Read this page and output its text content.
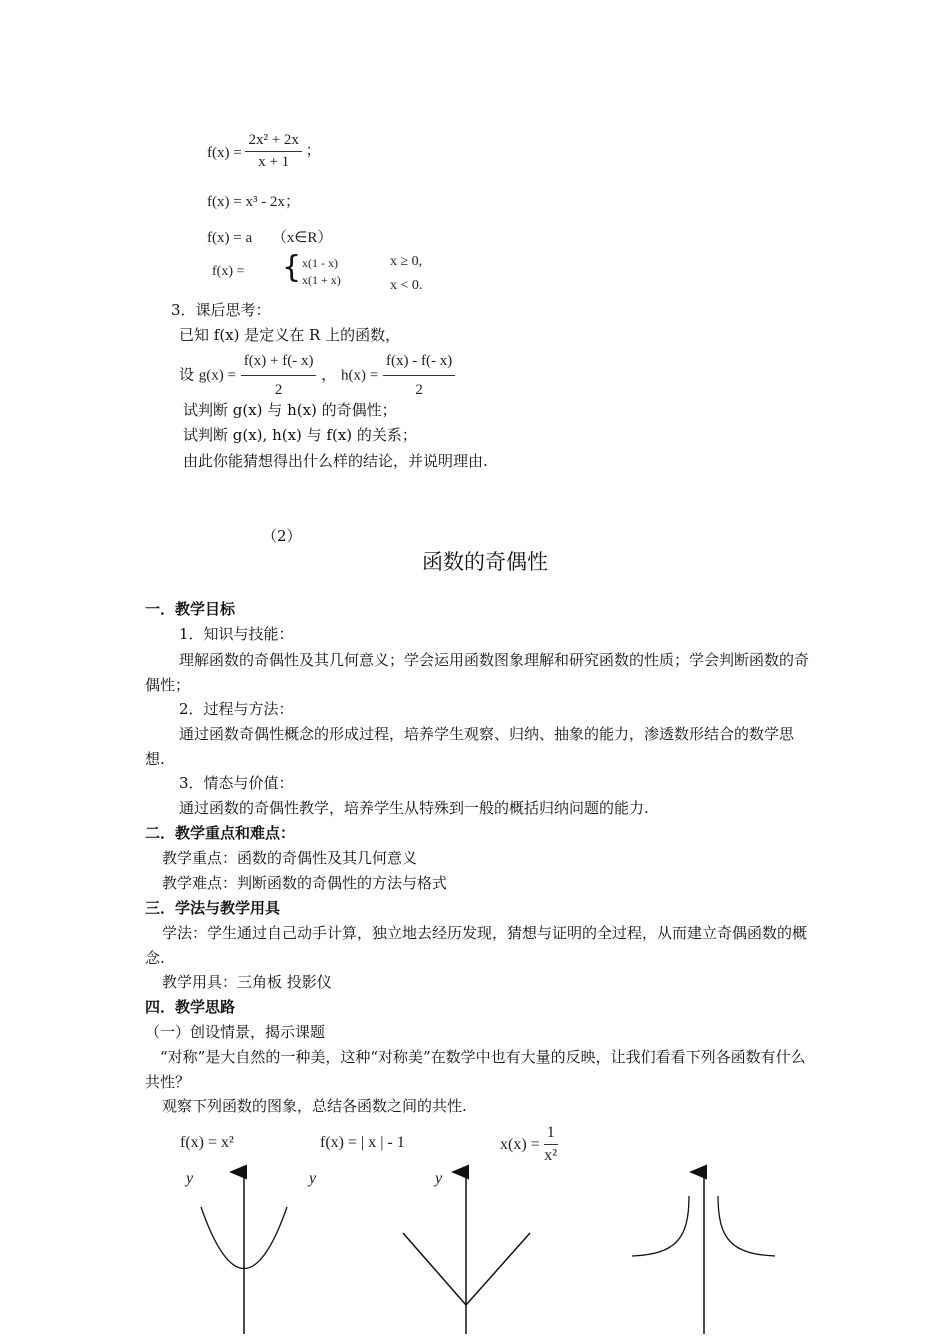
$f(x) = \frac{\text{2x² + 2x}}{x + 1}$ ；
f(x) = x³ - 2x；
f(x) = a （x∈R）
f(x) = { x(1 - x)	x ≥ 0,
x(1 + x)	x < 0.
3．课后思考：
已知 f(x) 是定义在 R 上的函数，
设 $g(x) = \frac{f(x) + f(- x)}{2}$ ， $h(x) = \frac{f(x) - f(- x)}{2}$
试判断 g(x) 与 h(x) 的奇偶性；
试判断 g(x), h(x) 与 f(x) 的关系；
由此你能猜想得出什么样的结论，并说明理由.
（2）
函数的奇偶性
一．教学目标
1．知识与技能：
理解函数的奇偶性及其几何意义；学会运用函数图象理解和研究函数的性质；学会判断函数的奇偶性；
2．过程与方法：
通过函数奇偶性概念的形成过程，培养学生观察、归纳、抽象的能力，渗透数形结合的数学思想.
3．情态与价值：
通过函数的奇偶性教学，培养学生从特殊到一般的概括归纳问题的能力.
二．教学重点和难点：
教学重点：函数的奇偶性及其几何意义
教学难点：判断函数的奇偶性的方法与格式
三．学法与教学用具
学法：学生通过自己动手计算，独立地去经历发现，猜想与证明的全过程，从而建立奇偶函数的概念.
教学用具：三角板 投影仪
四．教学思路
（一）创设情景，揭示课题
“对称”是大自然的一种美，这种“对称美”在数学中也有大量的反映，让我们看看下列各函数有什么共性？
观察下列函数的图象，总结各函数之间的共性.
f(x) = x²	f(x) = | x | - 1	$x(x) = \frac{1}{\text{x²}}$
y	y	y
